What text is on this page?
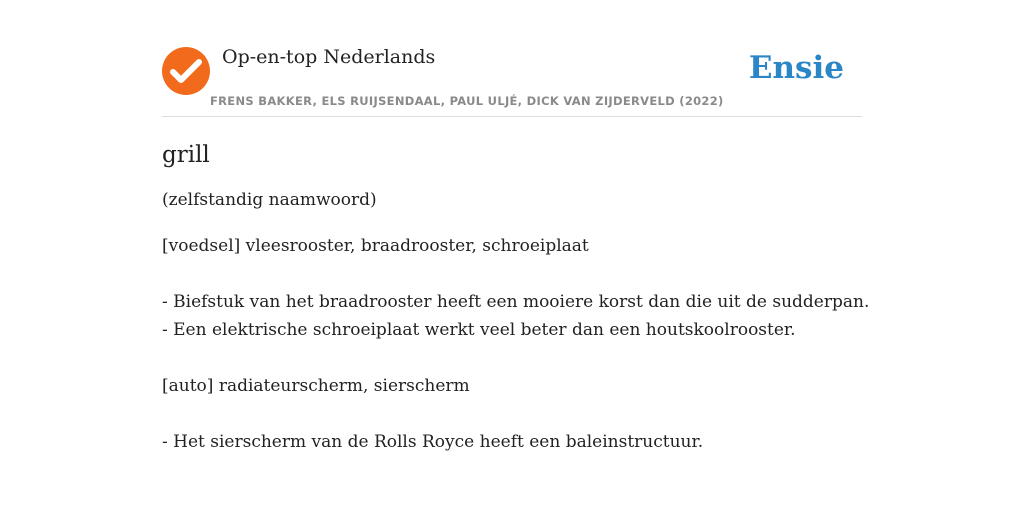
Op-en-top Nederlands
FRENS BAKKER, ELS RUIJSENDAAL, PAUL ULJÉ, DICK VAN ZIJDERVELD (2022)
Ensie
grill

(zelfstandig naamwoord)

[voedsel] vleesrooster, braadrooster, schroeiplaat

- Biefstuk van het braadrooster heeft een mooiere korst dan die uit de sudderpan.

- Een elektrische schroeiplaat werkt veel beter dan een houtskoolrooster.

[auto] radiateurscherm, sierscherm

- Het sierscherm van de Rolls Royce heeft een baleinstructuur.
